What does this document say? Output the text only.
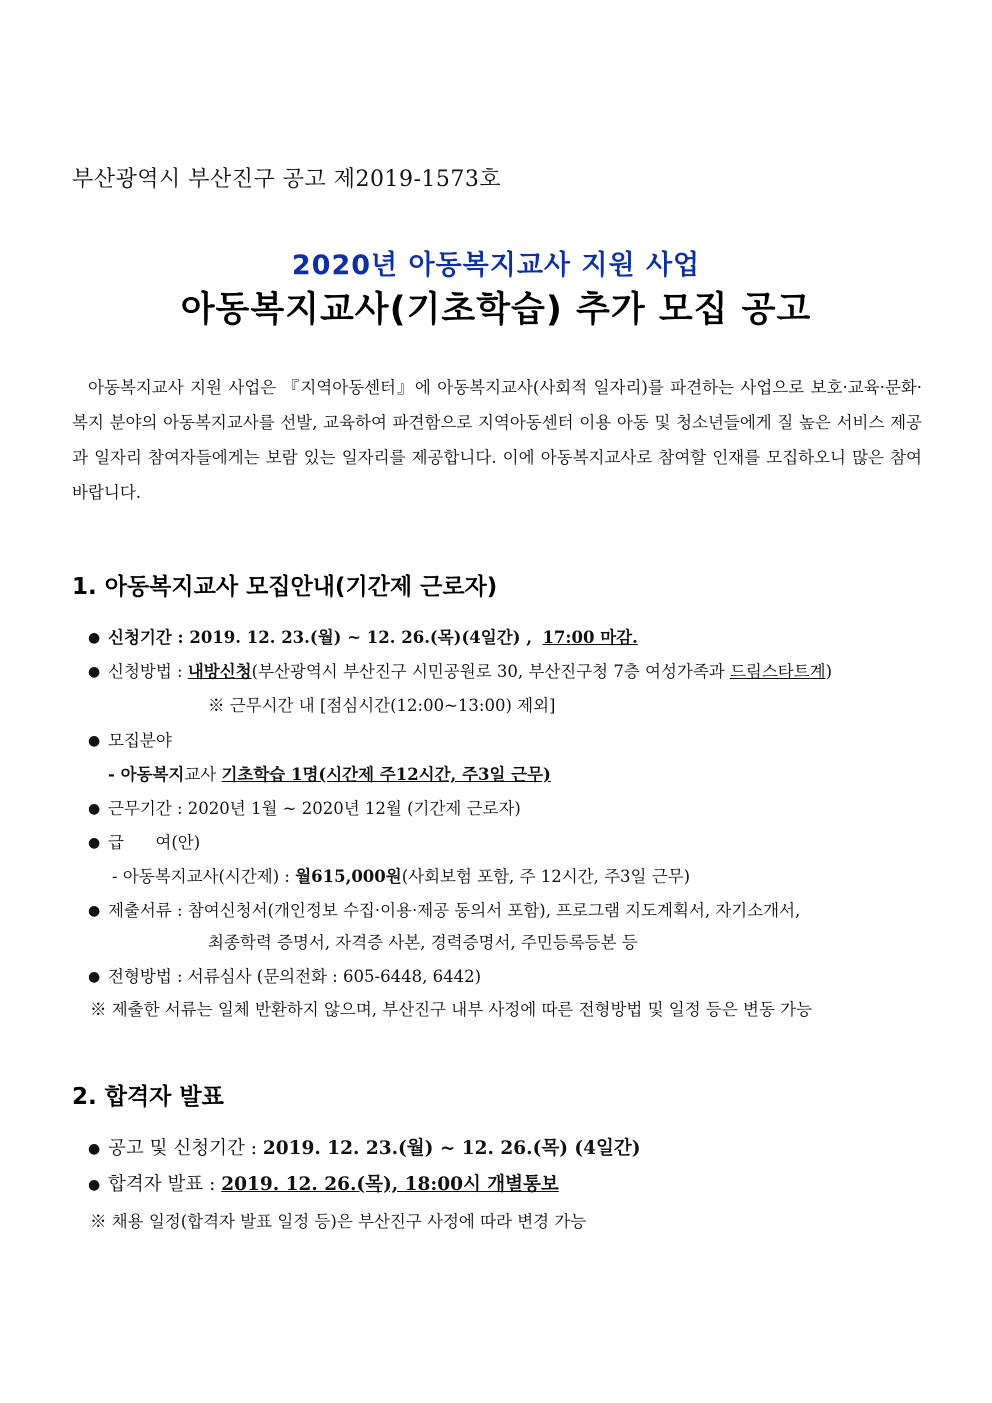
부산광역시 부산진구 공고 제2019-1573호
2020년 아동복지교사 지원 사업
아동복지교사(기초학습) 추가 모집 공고
아동복지교사 지원 사업은 『지역아동센터』에 아동복지교사(사회적 일자리)를 파견하는 사업으로 보호·교육·문화·복지 분야의 아동복지교사를 선발, 교육하여 파견함으로 지역아동센터 이용 아동 및 청소년들에게 질 높은 서비스 제공과 일자리 참여자들에게는 보람 있는 일자리를 제공합니다. 이에 아동복지교사로 참여할 인재를 모집하오니 많은 참여바랍니다.
1. 아동복지교사 모집안내(기간제 근로자)
● 신청기간 : 2019. 12. 23.(월) ~ 12. 26.(목)(4일간) , 17:00 마감.
● 신청방법 : 내방신청(부산광역시 부산진구 시민공원로 30, 부산진구청 7층 여성가족과 드림스타트계)
※ 근무시간 내 [점심시간(12:00~13:00) 제외]
● 모집분야
- 아동복지교사 기초학습 1명(시간제 주12시간, 주3일 근무)
● 근무기간 : 2020년 1월 ~ 2020년 12월 (기간제 근로자)
● 급      여(안)
- 아동복지교사(시간제) : 월615,000원(사회보험 포함, 주 12시간, 주3일 근무)
● 제출서류 : 참여신청서(개인정보 수집·이용·제공 동의서 포함), 프로그램 지도계획서, 자기소개서,
최종학력 증명서, 자격증 사본, 경력증명서, 주민등록등본 등
● 전형방법 : 서류심사 (문의전화 : 605-6448, 6442)
※ 제출한 서류는 일체 반환하지 않으며, 부산진구 내부 사정에 따른 전형방법 및 일정 등은 변동 가능
2. 합격자 발표
● 공고 및 신청기간 : 2019. 12. 23.(월) ~ 12. 26.(목) (4일간)
● 합격자 발표 : 2019. 12. 26.(목), 18:00시 개별통보
※ 채용 일정(합격자 발표 일정 등)은 부산진구 사정에 따라 변경 가능
